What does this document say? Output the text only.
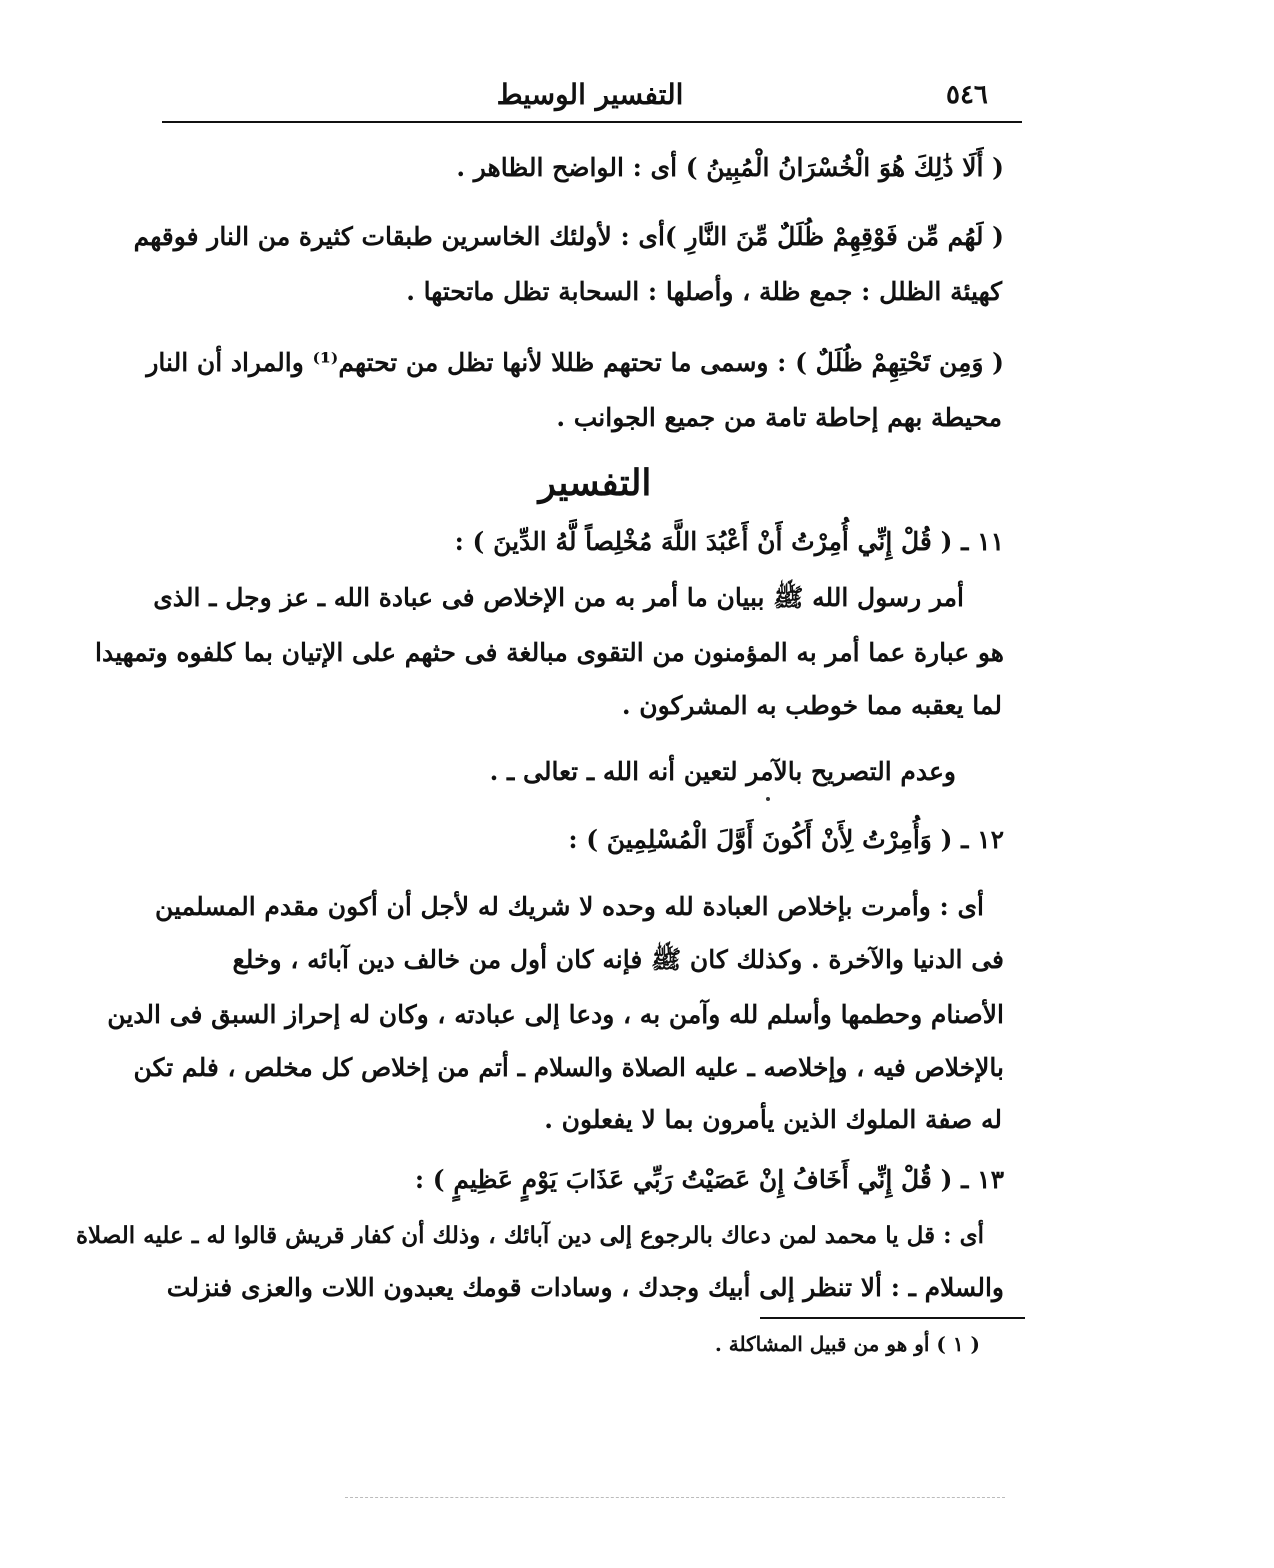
٥٤٦
التفسير الوسيط
( أَلَا ذَٰلِكَ هُوَ الْخُسْرَانُ الْمُبِينُ ) أى : الواضح الظاهر .
( لَهُم مِّن فَوْقِهِمْ ظُلَلٌ مِّنَ النَّارِ )أى : لأولئك الخاسرين طبقات كثيرة من النار فوقهم
كهيئة الظلل : جمع ظلة ، وأصلها : السحابة تظل ماتحتها .
( وَمِن تَحْتِهِمْ ظُلَلٌ ) : وسمى ما تحتهم ظللا لأنها تظل من تحتهم⁽¹⁾ والمراد أن النار
محيطة بهم إحاطة تامة من جميع الجوانب .
التفسير
١١ ـ ( قُلْ إِنِّي أُمِرْتُ أَنْ أَعْبُدَ اللَّهَ مُخْلِصاً لَّهُ الدِّينَ ) :
أمر رسول الله ﷺ ببيان ما أمر به من الإخلاص فى عبادة الله ـ عز وجل ـ الذى
هو عبارة عما أمر به المؤمنون من التقوى مبالغة فى حثهم على الإتيان بما كلفوه وتمهيدا
لما يعقبه مما خوطب به المشركون .
وعدم التصريح بالآمر لتعين أنه الله ـ تعالى ـ .
١٢ ـ ( وَأُمِرْتُ لِأَنْ أَكُونَ أَوَّلَ الْمُسْلِمِينَ ) :
أى : وأمرت بإخلاص العبادة لله وحده لا شريك له لأجل أن أكون مقدم المسلمين
فى الدنيا والآخرة . وكذلك كان ﷺ فإنه كان أول من خالف دين آبائه ، وخلع
الأصنام وحطمها وأسلم لله وآمن به ، ودعا إلى عبادته ، وكان له إحراز السبق فى الدين
بالإخلاص فيه ، وإخلاصه ـ عليه الصلاة والسلام ـ أتم من إخلاص كل مخلص ، فلم تكن
له صفة الملوك الذين يأمرون بما لا يفعلون .
١٣ ـ ( قُلْ إِنِّي أَخَافُ إِنْ عَصَيْتُ رَبِّي عَذَابَ يَوْمٍ عَظِيمٍ ) :
أى : قل يا محمد لمن دعاك بالرجوع إلى دين آبائك ، وذلك أن كفار قريش قالوا له ـ عليه الصلاة
والسلام ـ : ألا تنظر إلى أبيك وجدك ، وسادات قومك يعبدون اللات والعزى فنزلت
( ١ ) أو هو من قبيل المشاكلة .
